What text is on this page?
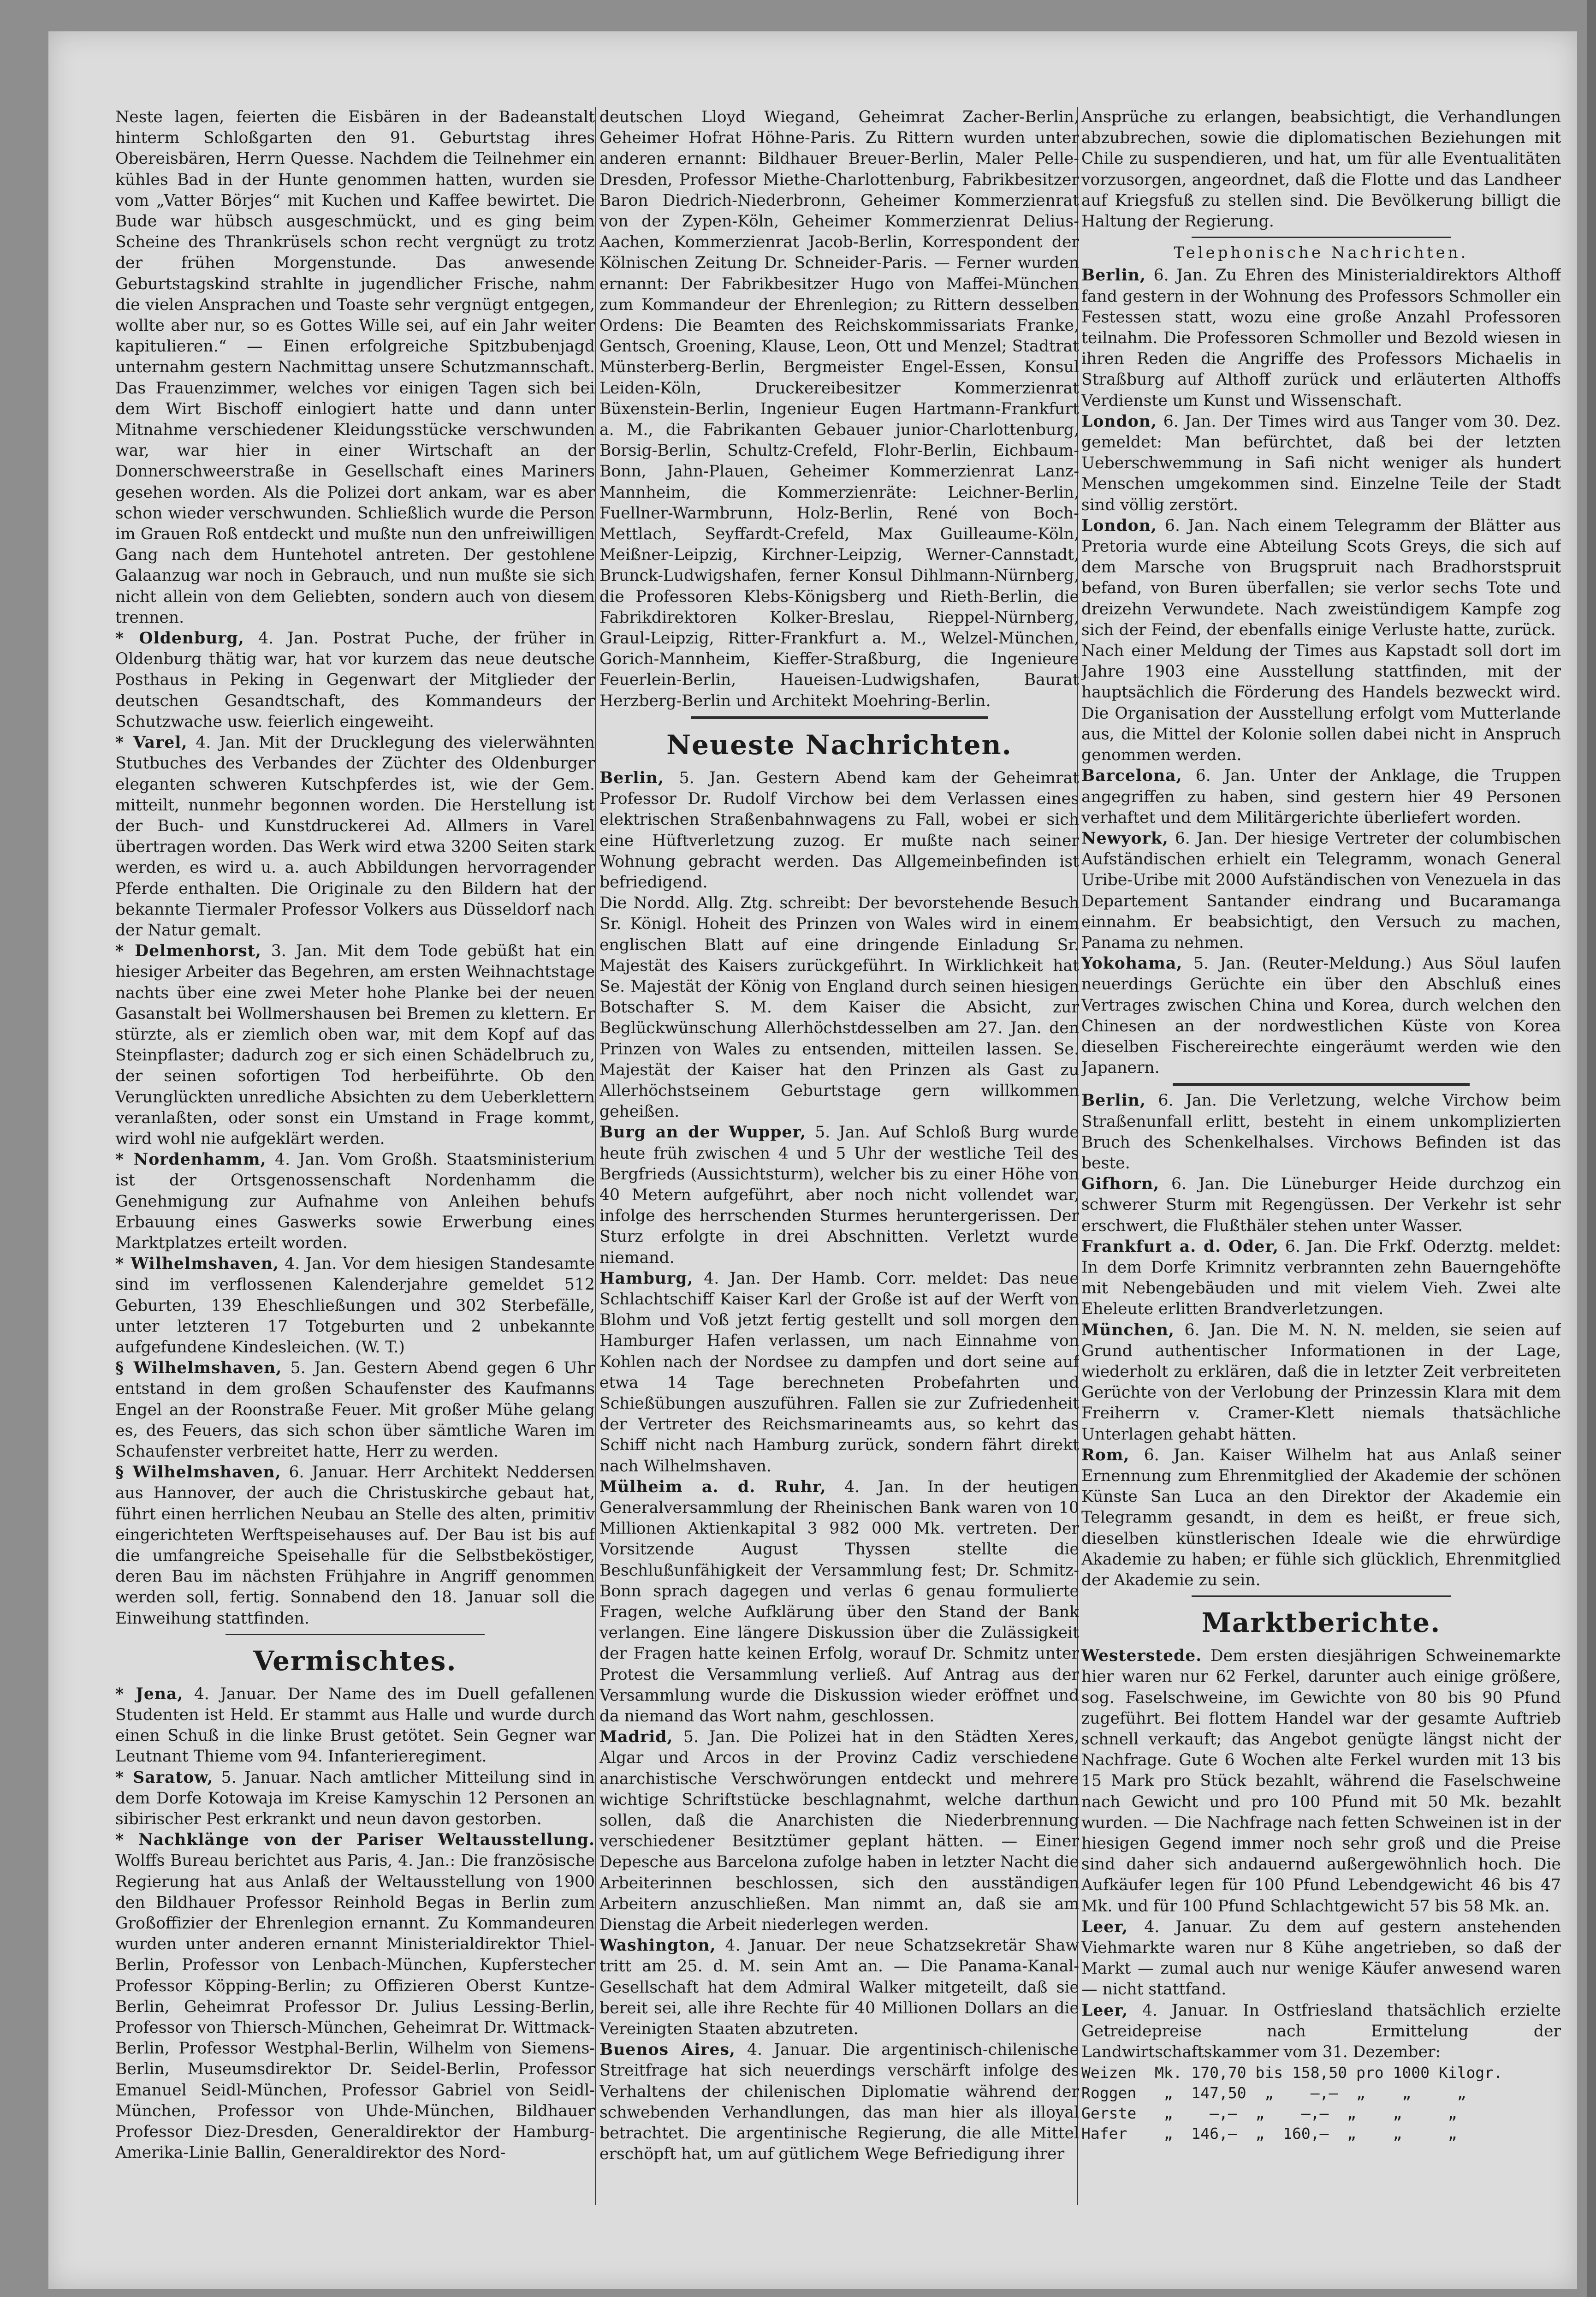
Neste lagen, feierten die Eisbären in der Badeanstalt hinterm Schloßgarten den 91. Geburtstag ihres Obereisbären, Herrn Quesse. Nachdem die Teilnehmer ein kühles Bad in der Hunte genommen hatten, wurden sie vom „Vatter Börjes“ mit Kuchen und Kaffee bewirtet. Die Bude war hübsch ausgeschmückt, und es ging beim Scheine des Thrankrüsels schon recht vergnügt zu trotz der frühen Morgenstunde. Das anwesende Geburtstagskind strahlte in jugendlicher Frische, nahm die vielen Ansprachen und Toaste sehr vergnügt entgegen, wollte aber nur, so es Gottes Wille sei, auf ein Jahr weiter kapitulieren.“ — Einen erfolgreiche Spitzbubenjagd unternahm gestern Nachmittag unsere Schutzmannschaft. Das Frauenzimmer, welches vor einigen Tagen sich bei dem Wirt Bischoff einlogiert hatte und dann unter Mitnahme verschiedener Kleidungsstücke verschwunden war, war hier in einer Wirtschaft an der Donnerschweerstraße in Gesellschaft eines Mariners gesehen worden. Als die Polizei dort ankam, war es aber schon wieder verschwunden. Schließlich wurde die Person im Grauen Roß entdeckt und mußte nun den unfreiwilligen Gang nach dem Huntehotel antreten. Der gestohlene Galaanzug war noch in Gebrauch, und nun mußte sie sich nicht allein von dem Geliebten, sondern auch von diesem trennen.

* Oldenburg, 4. Jan. Postrat Puche, der früher in Oldenburg thätig war, hat vor kurzem das neue deutsche Posthaus in Peking in Gegenwart der Mitglieder der deutschen Gesandtschaft, des Kommandeurs der Schutzwache usw. feierlich eingeweiht.

* Varel, 4. Jan. Mit der Drucklegung des vielerwähnten Stutbuches des Verbandes der Züchter des Oldenburger eleganten schweren Kutschpferdes ist, wie der Gem. mitteilt, nunmehr begonnen worden. Die Herstellung ist der Buch- und Kunstdruckerei Ad. Allmers in Varel übertragen worden. Das Werk wird etwa 3200 Seiten stark werden, es wird u. a. auch Abbildungen hervorragender Pferde enthalten. Die Originale zu den Bildern hat der bekannte Tiermaler Professor Volkers aus Düsseldorf nach der Natur gemalt.

* Delmenhorst, 3. Jan. Mit dem Tode gebüßt hat ein hiesiger Arbeiter das Begehren, am ersten Weihnachtstage nachts über eine zwei Meter hohe Planke bei der neuen Gasanstalt bei Wollmershausen bei Bremen zu klettern. Er stürzte, als er ziemlich oben war, mit dem Kopf auf das Steinpflaster; dadurch zog er sich einen Schädelbruch zu, der seinen sofortigen Tod herbeiführte. Ob den Verunglückten unredliche Absichten zu dem Ueberklettern veranlaßten, oder sonst ein Umstand in Frage kommt, wird wohl nie aufgeklärt werden.

* Nordenhamm, 4. Jan. Vom Großh. Staatsministerium ist der Ortsgenossenschaft Nordenhamm die Genehmigung zur Aufnahme von Anleihen behufs Erbauung eines Gaswerks sowie Erwerbung eines Marktplatzes erteilt worden.

* Wilhelmshaven, 4. Jan. Vor dem hiesigen Standesamte sind im verflossenen Kalenderjahre gemeldet 512 Geburten, 139 Eheschließungen und 302 Sterbefälle, unter letzteren 17 Totgeburten und 2 unbekannte aufgefundene Kindesleichen. (W. T.)

§ Wilhelmshaven, 5. Jan. Gestern Abend gegen 6 Uhr entstand in dem großen Schaufenster des Kaufmanns Engel an der Roonstraße Feuer. Mit großer Mühe gelang es, des Feuers, das sich schon über sämtliche Waren im Schaufenster verbreitet hatte, Herr zu werden.

§ Wilhelmshaven, 6. Januar. Herr Architekt Neddersen aus Hannover, der auch die Christuskirche gebaut hat, führt einen herrlichen Neubau an Stelle des alten, primitiv eingerichteten Werftspeisehauses auf. Der Bau ist bis auf die umfangreiche Speisehalle für die Selbstbeköstiger, deren Bau im nächsten Frühjahre in Angriff genommen werden soll, fertig. Sonnabend den 18. Januar soll die Einweihung stattfinden.

Vermischtes.

* Jena, 4. Januar. Der Name des im Duell gefallenen Studenten ist Held. Er stammt aus Halle und wurde durch einen Schuß in die linke Brust getötet. Sein Gegner war Leutnant Thieme vom 94. Infanterieregiment.

* Saratow, 5. Januar. Nach amtlicher Mitteilung sind in dem Dorfe Kotowaja im Kreise Kamyschin 12 Personen an sibirischer Pest erkrankt und neun davon gestorben.

* Nachklänge von der Pariser Weltausstellung. Wolffs Bureau berichtet aus Paris, 4. Jan.: Die französische Regierung hat aus Anlaß der Weltausstellung von 1900 den Bildhauer Professor Reinhold Begas in Berlin zum Großoffizier der Ehrenlegion ernannt. Zu Kommandeuren wurden unter anderen ernannt Ministerialdirektor Thiel-Berlin, Professor von Lenbach-München, Kupferstecher Professor Köpping-Berlin; zu Offizieren Oberst Kuntze-Berlin, Geheimrat Professor Dr. Julius Lessing-Berlin, Professor von Thiersch-München, Geheimrat Dr. Wittmack-Berlin, Professor Westphal-Berlin, Wilhelm von Siemens-Berlin, Museumsdirektor Dr. Seidel-Berlin, Professor Emanuel Seidl-München, Professor Gabriel von Seidl-München, Professor von Uhde-München, Bildhauer Professor Diez-Dresden, Generaldirektor der Hamburg-Amerika-Linie Ballin, Generaldirektor des Nord-

deutschen Lloyd Wiegand, Geheimrat Zacher-Berlin, Geheimer Hofrat Höhne-Paris. Zu Rittern wurden unter anderen ernannt: Bildhauer Breuer-Berlin, Maler Pelle-Dresden, Professor Miethe-Charlottenburg, Fabrikbesitzer Baron Diedrich-Niederbronn, Geheimer Kommerzienrat von der Zypen-Köln, Geheimer Kommerzienrat Delius-Aachen, Kommerzienrat Jacob-Berlin, Korrespondent der Kölnischen Zeitung Dr. Schneider-Paris. — Ferner wurden ernannt: Der Fabrikbesitzer Hugo von Maffei-München zum Kommandeur der Ehrenlegion; zu Rittern desselben Ordens: Die Beamten des Reichskommissariats Franke, Gentsch, Groening, Klause, Leon, Ott und Menzel; Stadtrat Münsterberg-Berlin, Bergmeister Engel-Essen, Konsul Leiden-Köln, Druckereibesitzer Kommerzienrat Büxenstein-Berlin, Ingenieur Eugen Hartmann-Frankfurt a. M., die Fabrikanten Gebauer junior-Charlottenburg, Borsig-Berlin, Schultz-Crefeld, Flohr-Berlin, Eichbaum-Bonn, Jahn-Plauen, Geheimer Kommerzienrat Lanz-Mannheim, die Kommerzienräte: Leichner-Berlin, Fuellner-Warmbrunn, Holz-Berlin, René von Boch-Mettlach, Seyffardt-Crefeld, Max Guilleaume-Köln, Meißner-Leipzig, Kirchner-Leipzig, Werner-Cannstadt, Brunck-Ludwigshafen, ferner Konsul Dihlmann-Nürnberg, die Professoren Klebs-Königsberg und Rieth-Berlin, die Fabrikdirektoren Kolker-Breslau, Rieppel-Nürnberg, Graul-Leipzig, Ritter-Frankfurt a. M., Welzel-München, Gorich-Mannheim, Kieffer-Straßburg, die Ingenieure Feuerlein-Berlin, Haueisen-Ludwigshafen, Baurat Herzberg-Berlin und Architekt Moehring-Berlin.

Neueste Nachrichten.

Berlin, 5. Jan. Gestern Abend kam der Geheimrat Professor Dr. Rudolf Virchow bei dem Verlassen eines elektrischen Straßenbahnwagens zu Fall, wobei er sich eine Hüftverletzung zuzog. Er mußte nach seiner Wohnung gebracht werden. Das Allgemeinbefinden ist befriedigend.

Die Nordd. Allg. Ztg. schreibt: Der bevorstehende Besuch Sr. Königl. Hoheit des Prinzen von Wales wird in einem englischen Blatt auf eine dringende Einladung Sr. Majestät des Kaisers zurückgeführt. In Wirklichkeit hat Se. Majestät der König von England durch seinen hiesigen Botschafter S. M. dem Kaiser die Absicht, zur Beglückwünschung Allerhöchstdesselben am 27. Jan. den Prinzen von Wales zu entsenden, mitteilen lassen. Se. Majestät der Kaiser hat den Prinzen als Gast zu Allerhöchstseinem Geburtstage gern willkommen geheißen.

Burg an der Wupper, 5. Jan. Auf Schloß Burg wurde heute früh zwischen 4 und 5 Uhr der westliche Teil des Bergfrieds (Aussichtsturm), welcher bis zu einer Höhe von 40 Metern aufgeführt, aber noch nicht vollendet war, infolge des herrschenden Sturmes heruntergerissen. Der Sturz erfolgte in drei Abschnitten. Verletzt wurde niemand.

Hamburg, 4. Jan. Der Hamb. Corr. meldet: Das neue Schlachtschiff Kaiser Karl der Große ist auf der Werft von Blohm und Voß jetzt fertig gestellt und soll morgen den Hamburger Hafen verlassen, um nach Einnahme von Kohlen nach der Nordsee zu dampfen und dort seine auf etwa 14 Tage berechneten Probefahrten und Schießübungen auszuführen. Fallen sie zur Zufriedenheit der Vertreter des Reichsmarineamts aus, so kehrt das Schiff nicht nach Hamburg zurück, sondern fährt direkt nach Wilhelmshaven.

Mülheim a. d. Ruhr, 4. Jan. In der heutigen Generalversammlung der Rheinischen Bank waren von 10 Millionen Aktienkapital 3 982 000 Mk. vertreten. Der Vorsitzende August Thyssen stellte die Beschlußunfähigkeit der Versammlung fest; Dr. Schmitz-Bonn sprach dagegen und verlas 6 genau formulierte Fragen, welche Aufklärung über den Stand der Bank verlangen. Eine längere Diskussion über die Zulässigkeit der Fragen hatte keinen Erfolg, worauf Dr. Schmitz unter Protest die Versammlung verließ. Auf Antrag aus der Versammlung wurde die Diskussion wieder eröffnet und da niemand das Wort nahm, geschlossen.

Madrid, 5. Jan. Die Polizei hat in den Städten Xeres, Algar und Arcos in der Provinz Cadiz verschiedene anarchistische Verschwörungen entdeckt und mehrere wichtige Schriftstücke beschlagnahmt, welche darthun sollen, daß die Anarchisten die Niederbrennung verschiedener Besitztümer geplant hätten. — Einer Depesche aus Barcelona zufolge haben in letzter Nacht die Arbeiterinnen beschlossen, sich den ausständigen Arbeitern anzuschließen. Man nimmt an, daß sie am Dienstag die Arbeit niederlegen werden.

Washington, 4. Januar. Der neue Schatzsekretär Shaw tritt am 25. d. M. sein Amt an. — Die Panama-Kanal-Gesellschaft hat dem Admiral Walker mitgeteilt, daß sie bereit sei, alle ihre Rechte für 40 Millionen Dollars an die Vereinigten Staaten abzutreten.

Buenos Aires, 4. Januar. Die argentinisch-chilenische Streitfrage hat sich neuerdings verschärft infolge des Verhaltens der chilenischen Diplomatie während der schwebenden Verhandlungen, das man hier als illoyal betrachtet. Die argentinische Regierung, die alle Mittel erschöpft hat, um auf gütlichem Wege Befriedigung ihrer

Ansprüche zu erlangen, beabsichtigt, die Verhandlungen abzubrechen, sowie die diplomatischen Beziehungen mit Chile zu suspendieren, und hat, um für alle Eventualitäten vorzusorgen, angeordnet, daß die Flotte und das Landheer auf Kriegsfuß zu stellen sind. Die Bevölkerung billigt die Haltung der Regierung.

Telephonische Nachrichten.

Berlin, 6. Jan. Zu Ehren des Ministerialdirektors Althoff fand gestern in der Wohnung des Professors Schmoller ein Festessen statt, wozu eine große Anzahl Professoren teilnahm. Die Professoren Schmoller und Bezold wiesen in ihren Reden die Angriffe des Professors Michaelis in Straßburg auf Althoff zurück und erläuterten Althoffs Verdienste um Kunst und Wissenschaft.

London, 6. Jan. Der Times wird aus Tanger vom 30. Dez. gemeldet: Man befürchtet, daß bei der letzten Ueberschwemmung in Safi nicht weniger als hundert Menschen umgekommen sind. Einzelne Teile der Stadt sind völlig zerstört.

London, 6. Jan. Nach einem Telegramm der Blätter aus Pretoria wurde eine Abteilung Scots Greys, die sich auf dem Marsche von Brugspruit nach Bradhorstspruit befand, von Buren überfallen; sie verlor sechs Tote und dreizehn Verwundete. Nach zweistündigem Kampfe zog sich der Feind, der ebenfalls einige Verluste hatte, zurück.

Nach einer Meldung der Times aus Kapstadt soll dort im Jahre 1903 eine Ausstellung stattfinden, mit der hauptsächlich die Förderung des Handels bezweckt wird. Die Organisation der Ausstellung erfolgt vom Mutterlande aus, die Mittel der Kolonie sollen dabei nicht in Anspruch genommen werden.

Barcelona, 6. Jan. Unter der Anklage, die Truppen angegriffen zu haben, sind gestern hier 49 Personen verhaftet und dem Militärgerichte überliefert worden.

Newyork, 6. Jan. Der hiesige Vertreter der columbischen Aufständischen erhielt ein Telegramm, wonach General Uribe-Uribe mit 2000 Aufständischen von Venezuela in das Departement Santander eindrang und Bucaramanga einnahm. Er beabsichtigt, den Versuch zu machen, Panama zu nehmen.

Yokohama, 5. Jan. (Reuter-Meldung.) Aus Söul laufen neuerdings Gerüchte ein über den Abschluß eines Vertrages zwischen China und Korea, durch welchen den Chinesen an der nordwestlichen Küste von Korea dieselben Fischereirechte eingeräumt werden wie den Japanern.

Berlin, 6. Jan. Die Verletzung, welche Virchow beim Straßenunfall erlitt, besteht in einem unkomplizierten Bruch des Schenkelhalses. Virchows Befinden ist das beste.

Gifhorn, 6. Jan. Die Lüneburger Heide durchzog ein schwerer Sturm mit Regengüssen. Der Verkehr ist sehr erschwert, die Flußthäler stehen unter Wasser.

Frankfurt a. d. Oder, 6. Jan. Die Frkf. Oderztg. meldet: In dem Dorfe Krimnitz verbrannten zehn Bauerngehöfte mit Nebengebäuden und mit vielem Vieh. Zwei alte Eheleute erlitten Brandverletzungen.

München, 6. Jan. Die M. N. N. melden, sie seien auf Grund authentischer Informationen in der Lage, wiederholt zu erklären, daß die in letzter Zeit verbreiteten Gerüchte von der Verlobung der Prinzessin Klara mit dem Freiherrn v. Cramer-Klett niemals thatsächliche Unterlagen gehabt hätten.

Rom, 6. Jan. Kaiser Wilhelm hat aus Anlaß seiner Ernennung zum Ehrenmitglied der Akademie der schönen Künste San Luca an den Direktor der Akademie ein Telegramm gesandt, in dem es heißt, er freue sich, dieselben künstlerischen Ideale wie die ehrwürdige Akademie zu haben; er fühle sich glücklich, Ehrenmitglied der Akademie zu sein.

Marktberichte.

Westerstede. Dem ersten diesjährigen Schweinemarkte hier waren nur 62 Ferkel, darunter auch einige größere, sog. Faselschweine, im Gewichte von 80 bis 90 Pfund zugeführt. Bei flottem Handel war der gesamte Auftrieb schnell verkauft; das Angebot genügte längst nicht der Nachfrage. Gute 6 Wochen alte Ferkel wurden mit 13 bis 15 Mark pro Stück bezahlt, während die Faselschweine nach Gewicht und pro 100 Pfund mit 50 Mk. bezahlt wurden. — Die Nachfrage nach fetten Schweinen ist in der hiesigen Gegend immer noch sehr groß und die Preise sind daher sich andauernd außergewöhnlich hoch. Die Aufkäufer legen für 100 Pfund Lebendgewicht 46 bis 47 Mk. und für 100 Pfund Schlachtgewicht 57 bis 58 Mk. an.

Leer, 4. Januar. Zu dem auf gestern anstehenden Viehmarkte waren nur 8 Kühe angetrieben, so daß der Markt — zumal auch nur wenige Käufer anwesend waren — nicht stattfand.

Leer, 4. Januar. In Ostfriesland thatsächlich erzielte Getreidepreise nach Ermittelung der Landwirtschaftskammer vom 31. Dezember:

Weizen  Mk. 170,70 bis 158,50 pro 1000 Kilogr.
Roggen   „  147,50  „    —,—  „    „     „
Gerste   „    —,—  „    —,—  „    „     „
Hafer    „  146,—  „  160,—  „    „     „
